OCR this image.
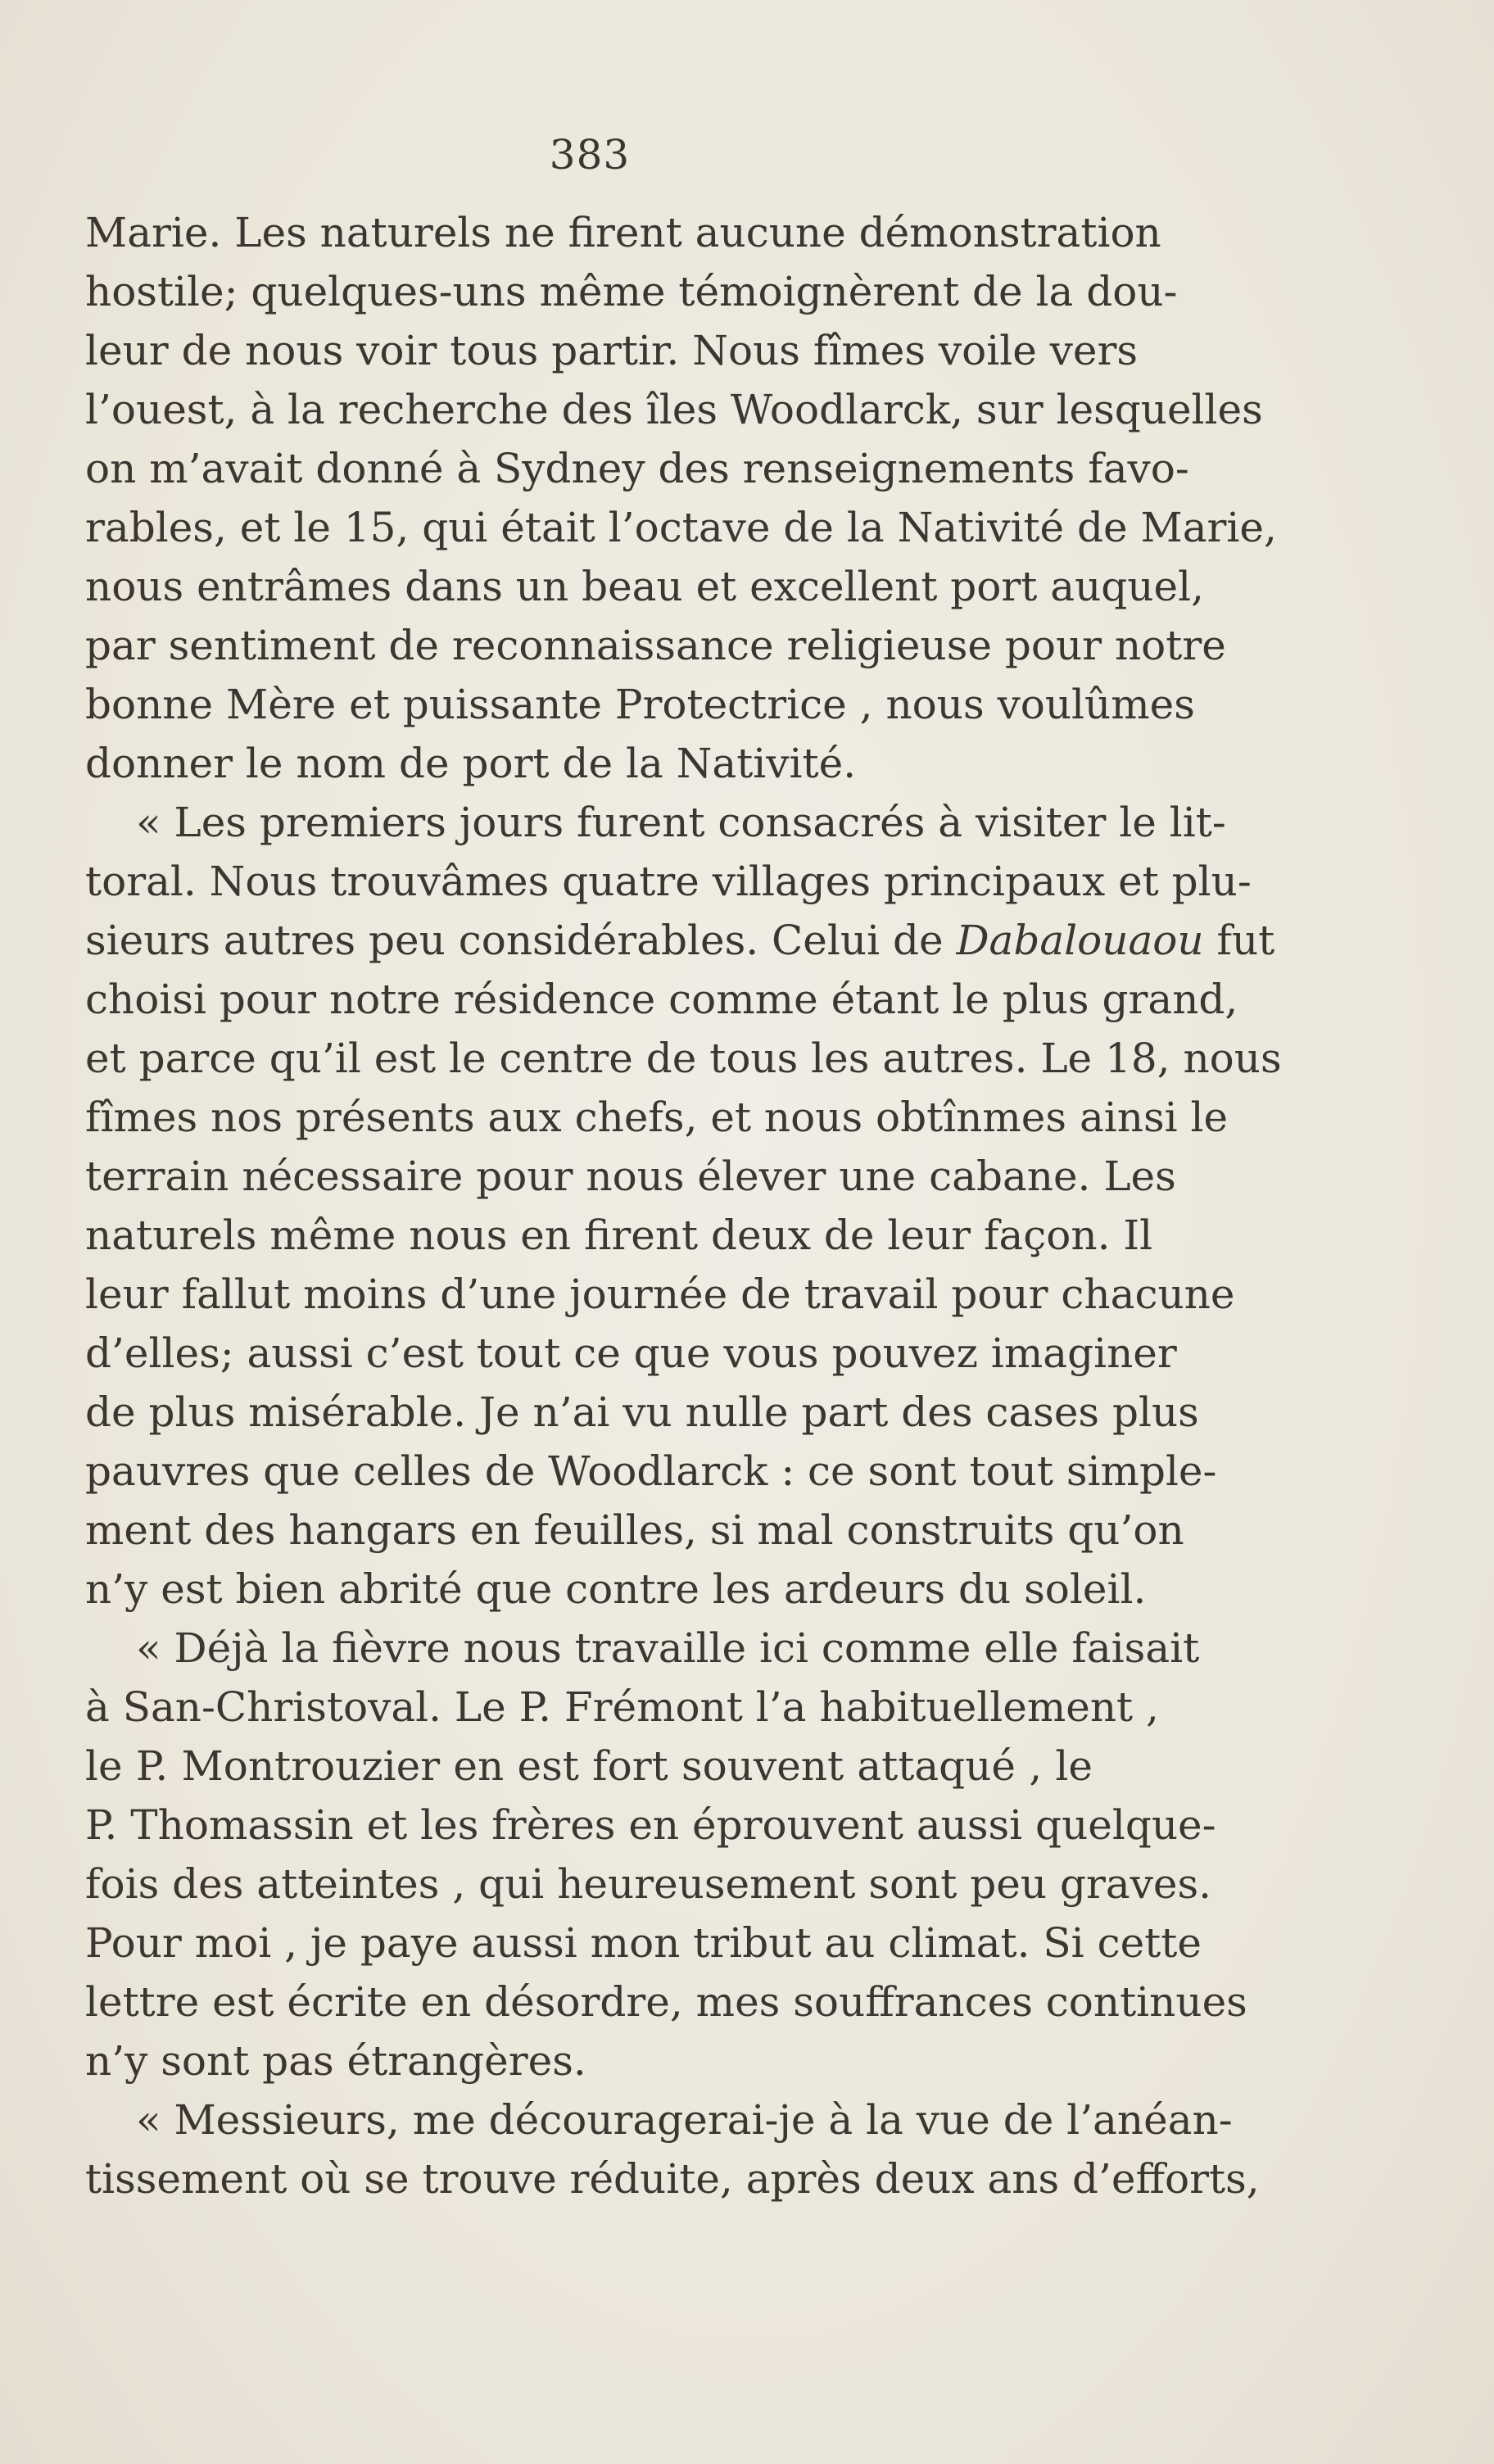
383
Marie. Les naturels ne firent aucune démonstration
hostile; quelques-uns même témoignèrent de la dou-
leur de nous voir tous partir. Nous fîmes voile vers
l’ouest, à la recherche des îles Woodlarck, sur lesquelles
on m’avait donné à Sydney des renseignements favo-
rables, et le 15, qui était l’octave de la Nativité de Marie,
nous entrâmes dans un beau et excellent port auquel,
par sentiment de reconnaissance religieuse pour notre
bonne Mère et puissante Protectrice , nous voulûmes
donner le nom de port de la Nativité.
« Les premiers jours furent consacrés à visiter le lit-
toral. Nous trouvâmes quatre villages principaux et plu-
sieurs autres peu considérables. Celui de Dabalouaou fut
choisi pour notre résidence comme étant le plus grand,
et parce qu’il est le centre de tous les autres. Le 18, nous
fîmes nos présents aux chefs, et nous obtînmes ainsi le
terrain nécessaire pour nous élever une cabane. Les
naturels même nous en firent deux de leur façon. Il
leur fallut moins d’une journée de travail pour chacune
d’elles; aussi c’est tout ce que vous pouvez imaginer
de plus misérable. Je n’ai vu nulle part des cases plus
pauvres que celles de Woodlarck : ce sont tout simple-
ment des hangars en feuilles, si mal construits qu’on
n’y est bien abrité que contre les ardeurs du soleil.
« Déjà la fièvre nous travaille ici comme elle faisait
à San-Christoval. Le P. Frémont l’a habituellement ,
le P. Montrouzier en est fort souvent attaqué , le
P. Thomassin et les frères en éprouvent aussi quelque-
fois des atteintes , qui heureusement sont peu graves.
Pour moi , je paye aussi mon tribut au climat. Si cette
lettre est écrite en désordre, mes souffrances continues
n’y sont pas étrangères.
« Messieurs, me découragerai-je à la vue de l’anéan-
tissement où se trouve réduite, après deux ans d’efforts,
